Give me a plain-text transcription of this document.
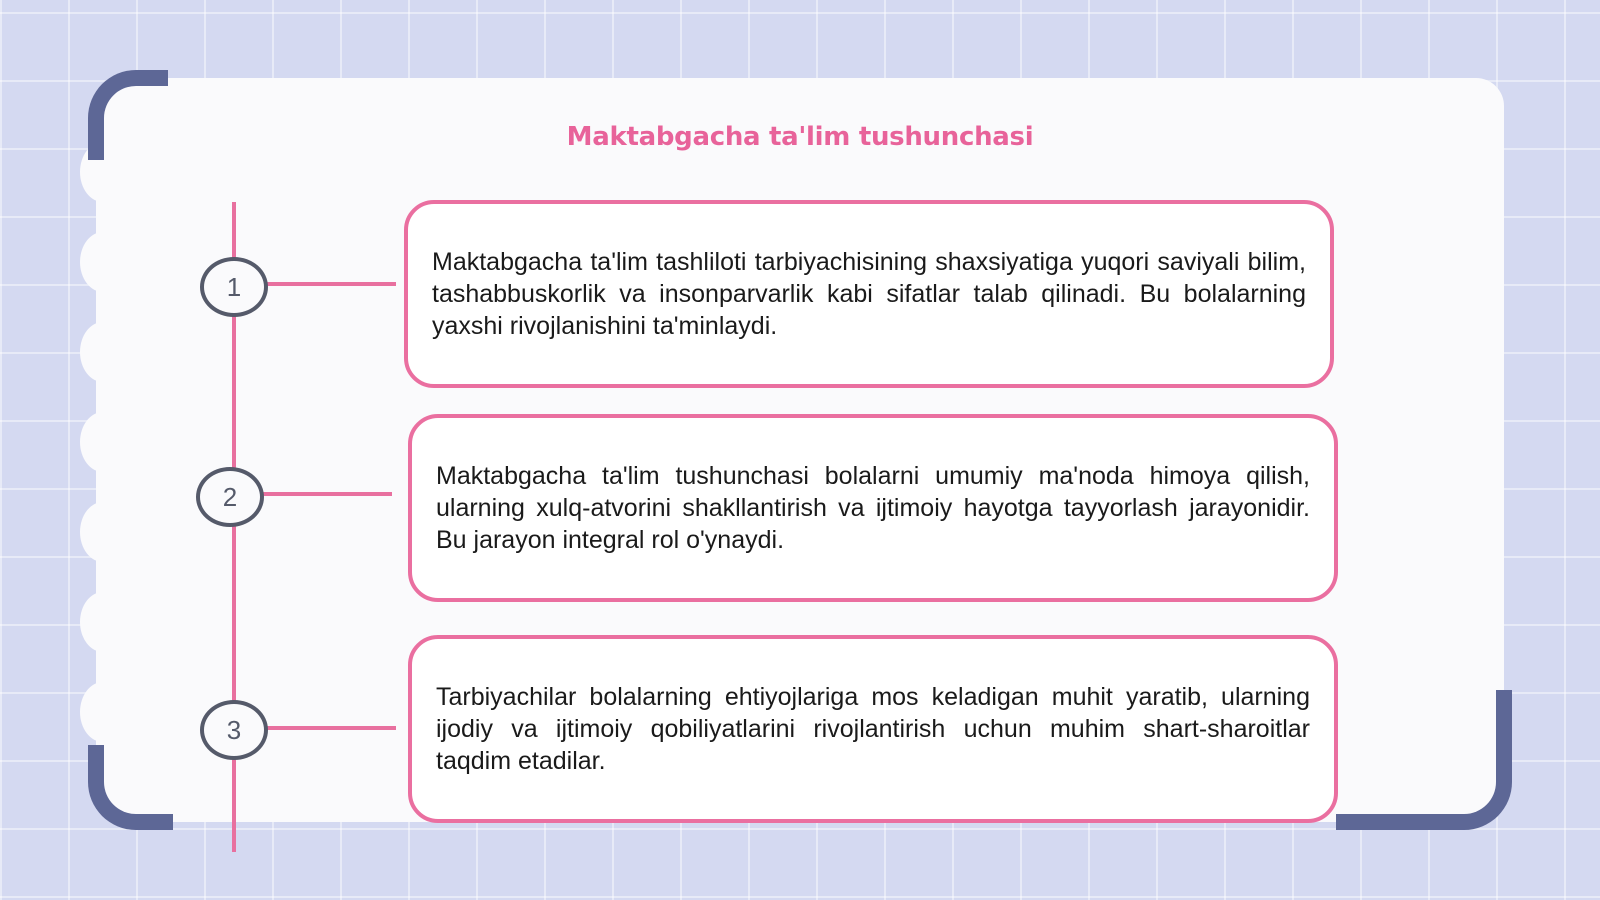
Maktabgacha ta'lim tushunchasi
1
2
3
Maktabgacha ta'lim tashliloti tarbiyachisining shaxsiyatiga yuqori saviyali bilim, tashabbuskorlik va insonparvarlik kabi sifatlar talab qilinadi. Bu bolalarning yaxshi rivojlanishini ta'minlaydi.
Maktabgacha ta'lim tushunchasi bolalarni umumiy ma'noda himoya qilish, ularning xulq-atvorini shakllantirish va ijtimoiy hayotga tayyorlash jarayonidir. Bu jarayon integral rol o'ynaydi.
Tarbiyachilar bolalarning ehtiyojlariga mos keladigan muhit yaratib, ularning ijodiy va ijtimoiy qobiliyatlarini rivojlantirish uchun muhim shart-sharoitlar taqdim etadilar.
